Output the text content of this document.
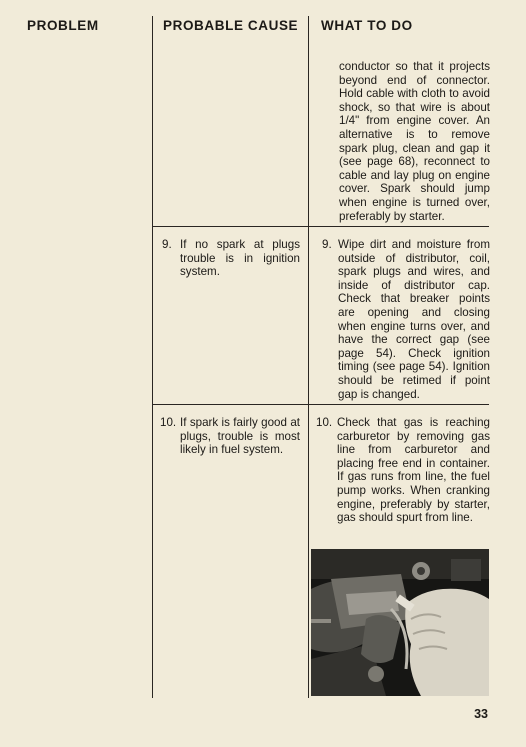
PROBLEM	PROBABLE CAUSE WHAT TO DO
conductor so that it projects beyond end of connector. Hold cable with cloth to avoid shock, so that wire is about 1/4" from engine cover. An alternative is to remove spark plug, clean and gap it (see page 68), reconnect to cable and lay plug on engine cover. Spark should jump when engine is turned over, preferably by starter.
9. If no spark at plugs trouble is in ignition system.
9. Wipe dirt and moisture from outside of distributor, coil, spark plugs and wires, and inside of distributor cap. Check that breaker points are opening and closing when engine turns over, and have the correct gap (see page 54). Check ignition timing (see page 54). Ignition should be retimed if point gap is changed.
10. If spark is fairly good at plugs, trouble is most likely in fuel system.
10. Check that gas is reaching carburetor by removing gas line from carburetor and placing free end in container. If gas runs from line, the fuel pump works. When cranking engine, preferably by starter, gas should spurt from line.
33
